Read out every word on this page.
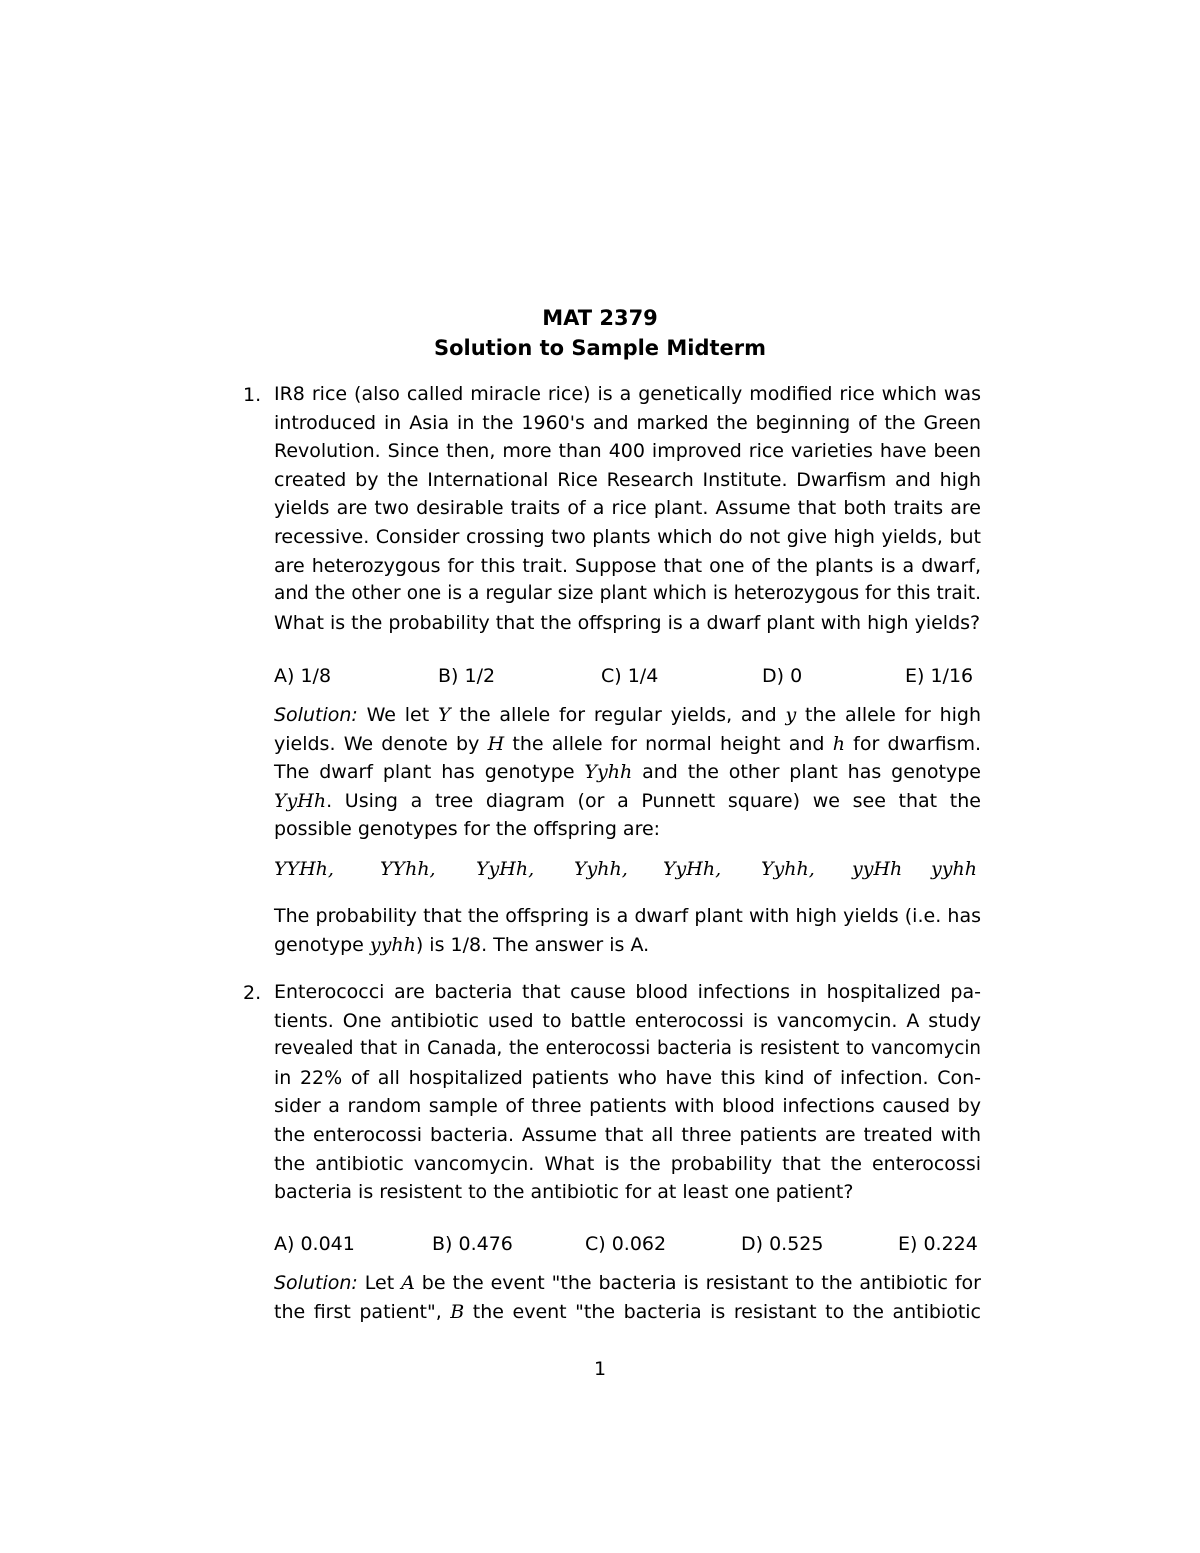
MAT 2379
Solution to Sample Midterm
1. IR8 rice (also called miracle rice) is a genetically modified rice which was
introduced in Asia in the 1960's and marked the beginning of the Green
Revolution. Since then, more than 400 improved rice varieties have been
created by the International Rice Research Institute. Dwarfism and high
yields are two desirable traits of a rice plant. Assume that both traits are
recessive. Consider crossing two plants which do not give high yields, but
are heterozygous for this trait. Suppose that one of the plants is a dwarf,
and the other one is a regular size plant which is heterozygous for this trait.
What is the probability that the offspring is a dwarf plant with high yields?
A) 1/8	B) 1/2	C) 1/4	D) 0	E) 1/16
Solution: We let Y the allele for regular yields, and y the allele for high
yields. We denote by H the allele for normal height and h for dwarfism.
The dwarf plant has genotype Yyhh and the other plant has genotype
YyHh. Using a tree diagram (or a Punnett square) we see that the
possible genotypes for the offspring are:
YYHh, YYhh, YyHh, Yyhh, YyHh, Yyhh, yyHh yyhh
The probability that the offspring is a dwarf plant with high yields (i.e. has
genotype yyhh) is 1/8. The answer is A.
2. Enterococci are bacteria that cause blood infections in hospitalized pa-
tients. One antibiotic used to battle enterocossi is vancomycin. A study
revealed that in Canada, the enterocossi bacteria is resistent to vancomycin
in 22% of all hospitalized patients who have this kind of infection. Con-
sider a random sample of three patients with blood infections caused by
the enterocossi bacteria. Assume that all three patients are treated with
the antibiotic vancomycin. What is the probability that the enterocossi
bacteria is resistent to the antibiotic for at least one patient?
A) 0.041	B) 0.476	C) 0.062	D) 0.525	E) 0.224
Solution: Let A be the event "the bacteria is resistant to the antibiotic for
the first patient", B the event "the bacteria is resistant to the antibiotic
1
